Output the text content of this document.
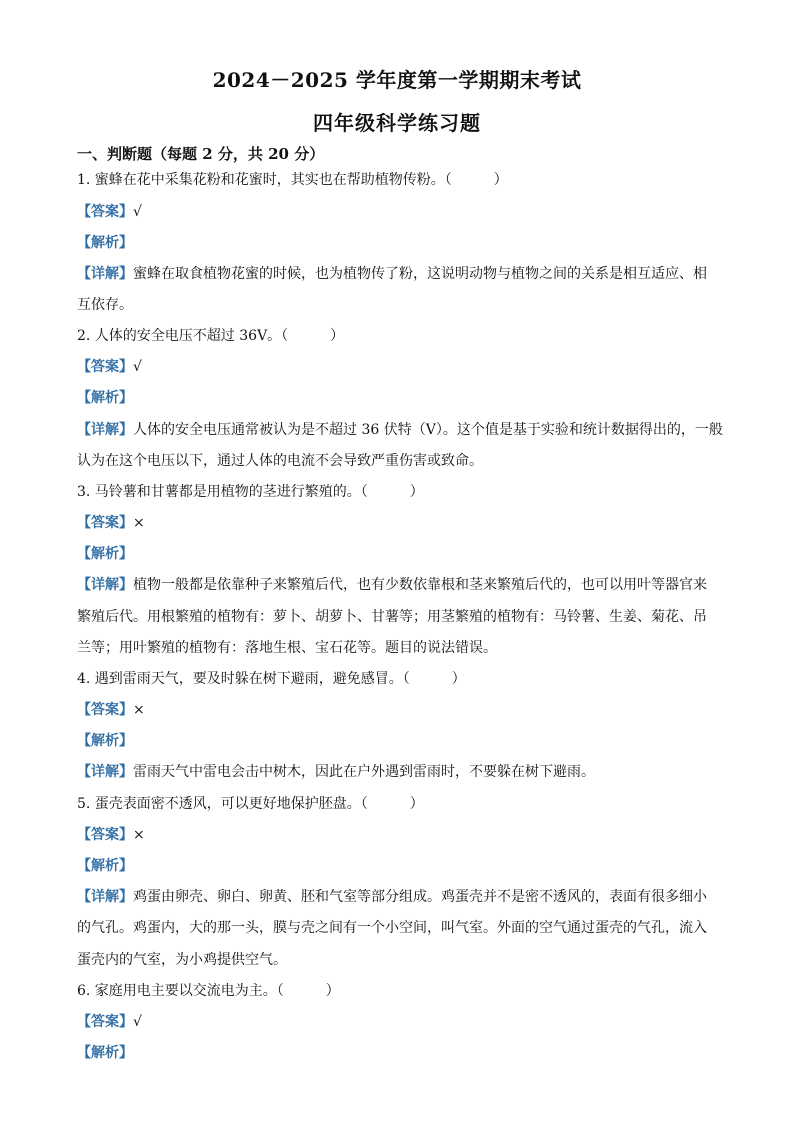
2024－2025 学年度第一学期期末考试
四年级科学练习题
一、判断题（每题 2 分，共 20 分）
1. 蜜蜂在花中采集花粉和花蜜时，其实也在帮助植物传粉。（　　　）
【答案】√
【解析】
【详解】蜜蜂在取食植物花蜜的时候，也为植物传了粉，这说明动物与植物之间的关系是相互适应、相
互依存。
2. 人体的安全电压不超过 36V。（　　　）
【答案】√
【解析】
【详解】人体的安全电压通常被认为是不超过 36 伏特（V）。这个值是基于实验和统计数据得出的，一般
认为在这个电压以下，通过人体的电流不会导致严重伤害或致命。
3. 马铃薯和甘薯都是用植物的茎进行繁殖的。（　　　）
【答案】×
【解析】
【详解】植物一般都是依靠种子来繁殖后代，也有少数依靠根和茎来繁殖后代的，也可以用叶等器官来
繁殖后代。用根繁殖的植物有：萝卜、胡萝卜、甘薯等；用茎繁殖的植物有：马铃薯、生姜、菊花、吊
兰等；用叶繁殖的植物有：落地生根、宝石花等。题目的说法错误。
4. 遇到雷雨天气，要及时躲在树下避雨，避免感冒。（　　　）
【答案】×
【解析】
【详解】雷雨天气中雷电会击中树木，因此在户外遇到雷雨时，不要躲在树下避雨。
5. 蛋壳表面密不透风，可以更好地保护胚盘。（　　　）
【答案】×
【解析】
【详解】鸡蛋由卵壳、卵白、卵黄、胚和气室等部分组成。鸡蛋壳并不是密不透风的，表面有很多细小
的气孔。鸡蛋内，大的那一头，膜与壳之间有一个小空间，叫气室。外面的空气通过蛋壳的气孔，流入
蛋壳内的气室，为小鸡提供空气。
6. 家庭用电主要以交流电为主。（　　　）
【答案】√
【解析】
